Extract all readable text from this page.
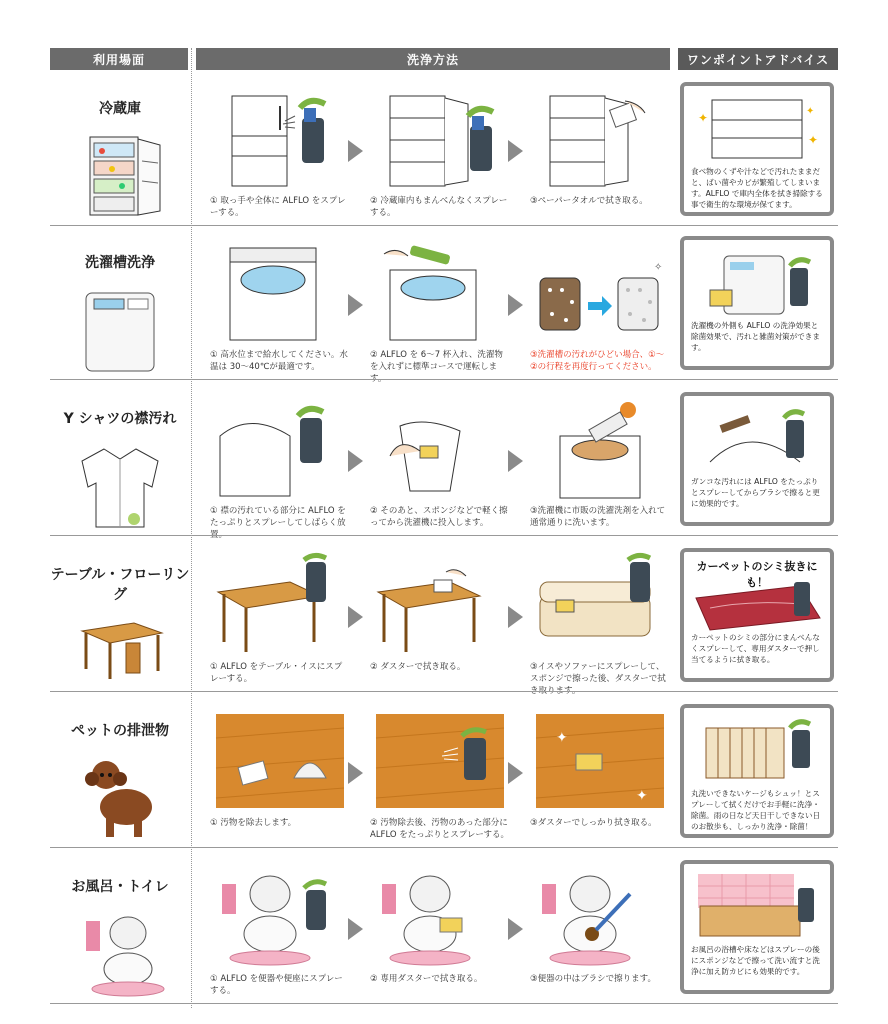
利用場面	洗浄方法	ワンポイントアドバイス
冷蔵庫
① 取っ手や全体に ALFLO をスプレーする。
② 冷蔵庫内もまんべんなくスプレーする。
③ペーパータオルで拭き取る。
✦	✦
✦
食べ物のくずや汁などで汚れたままだと、ばい菌やカビが繁殖してしまいます。ALFLO で庫内全体を拭き掃除する事で衛生的な環境が保てます。
洗濯槽洗浄
① 高水位まで給水してください。水温は 30〜40℃が最適です。
② ALFLO を 6〜7 杯入れ、洗濯物を入れずに標準コースで運転します。
✧
③洗濯槽の汚れがひどい場合、①〜②の行程を再度行ってください。
洗濯機の外側も ALFLO の洗浄効果と除菌効果で、汚れと雑菌対策ができます。
Y シャツの襟汚れ
① 襟の汚れている部分に ALFLO をたっぷりとスプレーしてしばらく放置。
② そのあと、スポンジなどで軽く擦ってから洗濯機に投入します。
③洗濯機に市販の洗濯洗剤を入れて通常通りに洗います。
ガンコな汚れには ALFLO をたっぷりとスプレーしてからブラシで擦ると更に効果的です。
テーブル・フローリング
① ALFLO をテーブル・イスにスプレーする。
② ダスターで拭き取る。	③イスやソファーにスプレーして、スポンジで擦った後、ダスターで拭き取ります。
カーペットのシミ抜きにも！
カーペットのシミの部分にまんべんなくスプレーして、専用ダスターで押し当てるように拭き取る。
ペットの排泄物
① 汚物を除去します。	② 汚物除去後、汚物のあった部分に ALFLO をたっぷりとスプレーする。
✦
✦
③ダスターでしっかり拭き取る。
丸洗いできないケージもシュッ！とスプレーして拭くだけでお手軽に洗浄・除菌。雨の日など天日干しできない日のお散歩も、しっかり洗浄・除菌！
お風呂・トイレ
① ALFLO を便器や便座にスプレーする。
② 専用ダスターで拭き取る。	③便器の中はブラシで擦ります。
お風呂の浴槽や床などはスプレーの後にスポンジなどで擦って洗い流すと洗浄に加え防カビにも効果的です。
